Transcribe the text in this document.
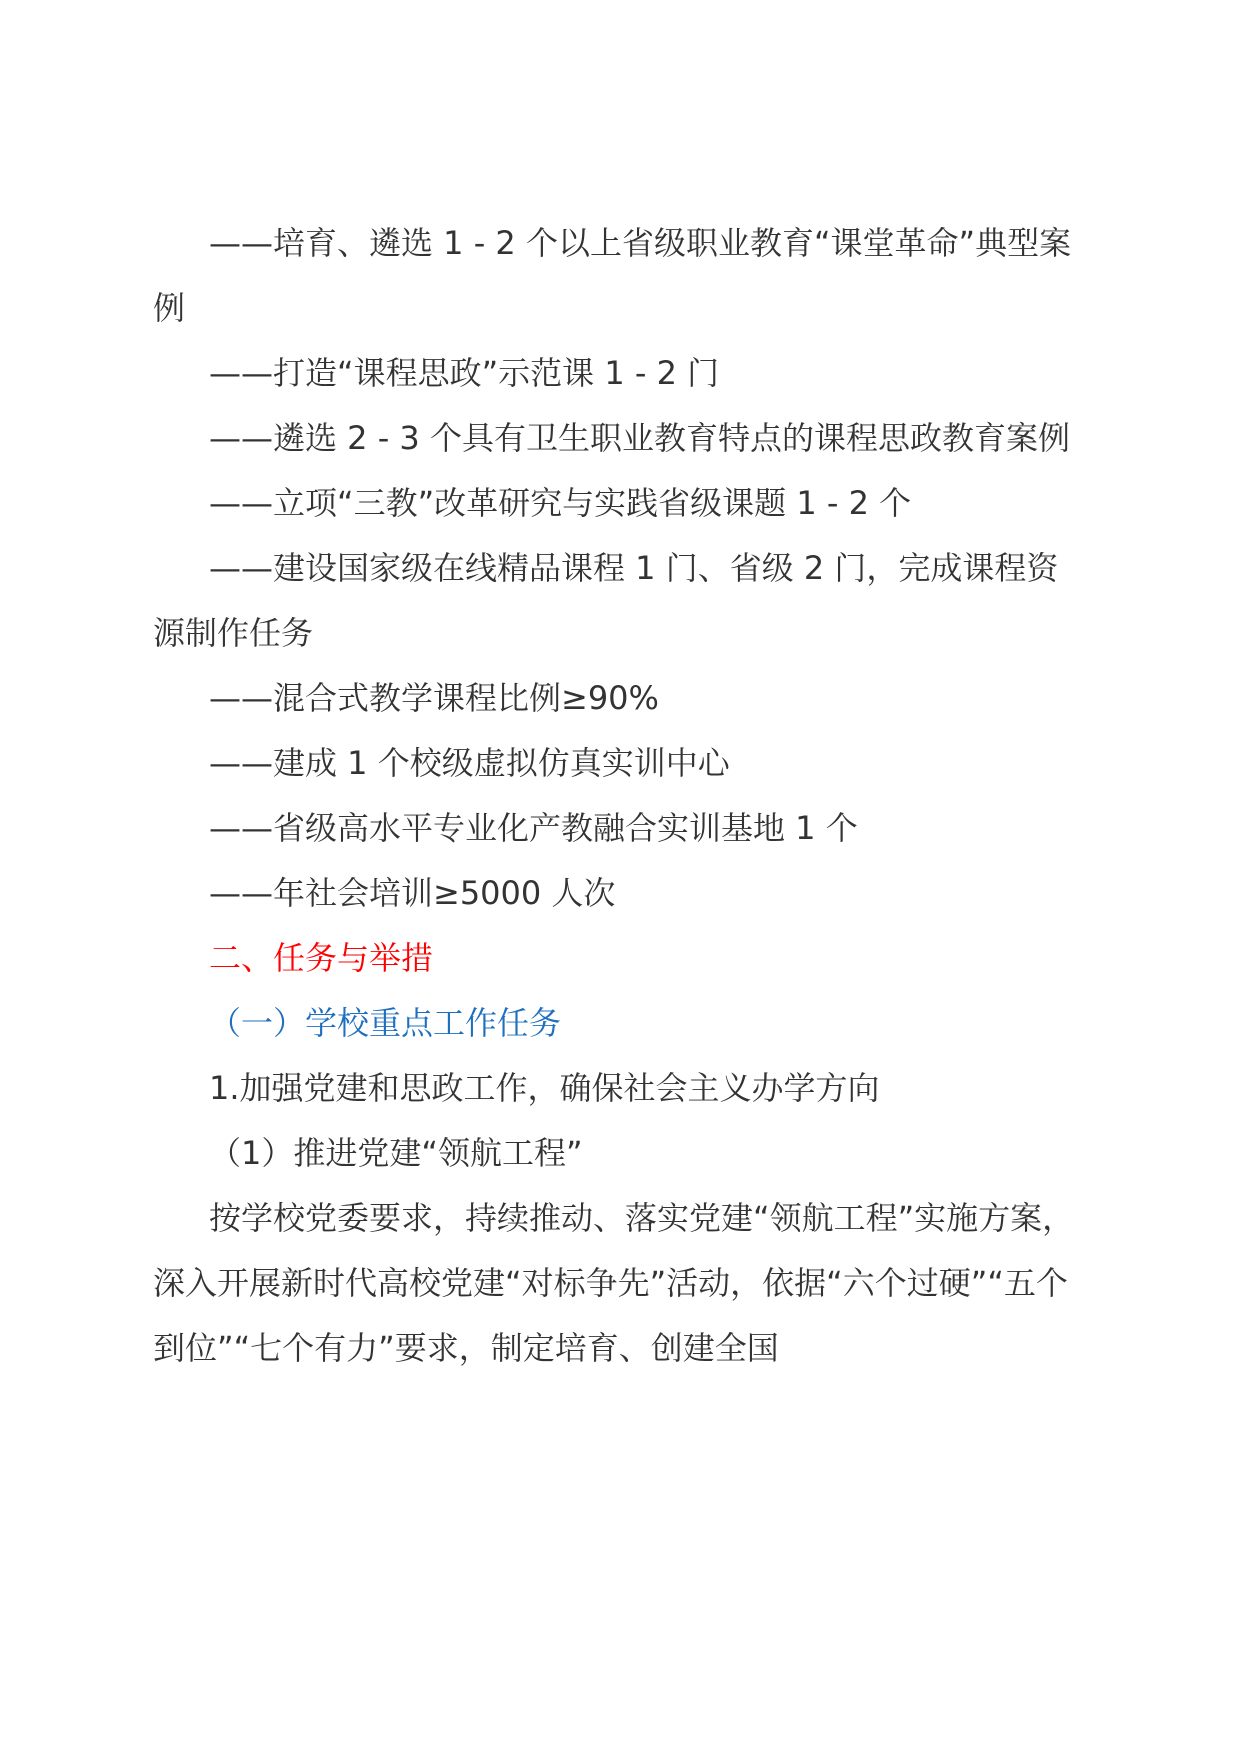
——培育、遴选 1 - 2 个以上省级职业教育“课堂革命”典型案例

——打造“课程思政”示范课 1 - 2 门

——遴选 2 - 3 个具有卫生职业教育特点的课程思政教育案例

——立项“三教”改革研究与实践省级课题 1 - 2 个

——建设国家级在线精品课程 1 门、省级 2 门，完成课程资源制作任务

——混合式教学课程比例≥90%

——建成 1 个校级虚拟仿真实训中心

——省级高水平专业化产教融合实训基地 1 个

——年社会培训≥5000 人次

二、任务与举措

（一）学校重点工作任务

1.加强党建和思政工作，确保社会主义办学方向

（1）推进党建“领航工程”

按学校党委要求，持续推动、落实党建“领航工程”实施方案，深入开展新时代高校党建“对标争先”活动，依据“六个过硬”“五个到位”“七个有力”要求，制定培育、创建全国
